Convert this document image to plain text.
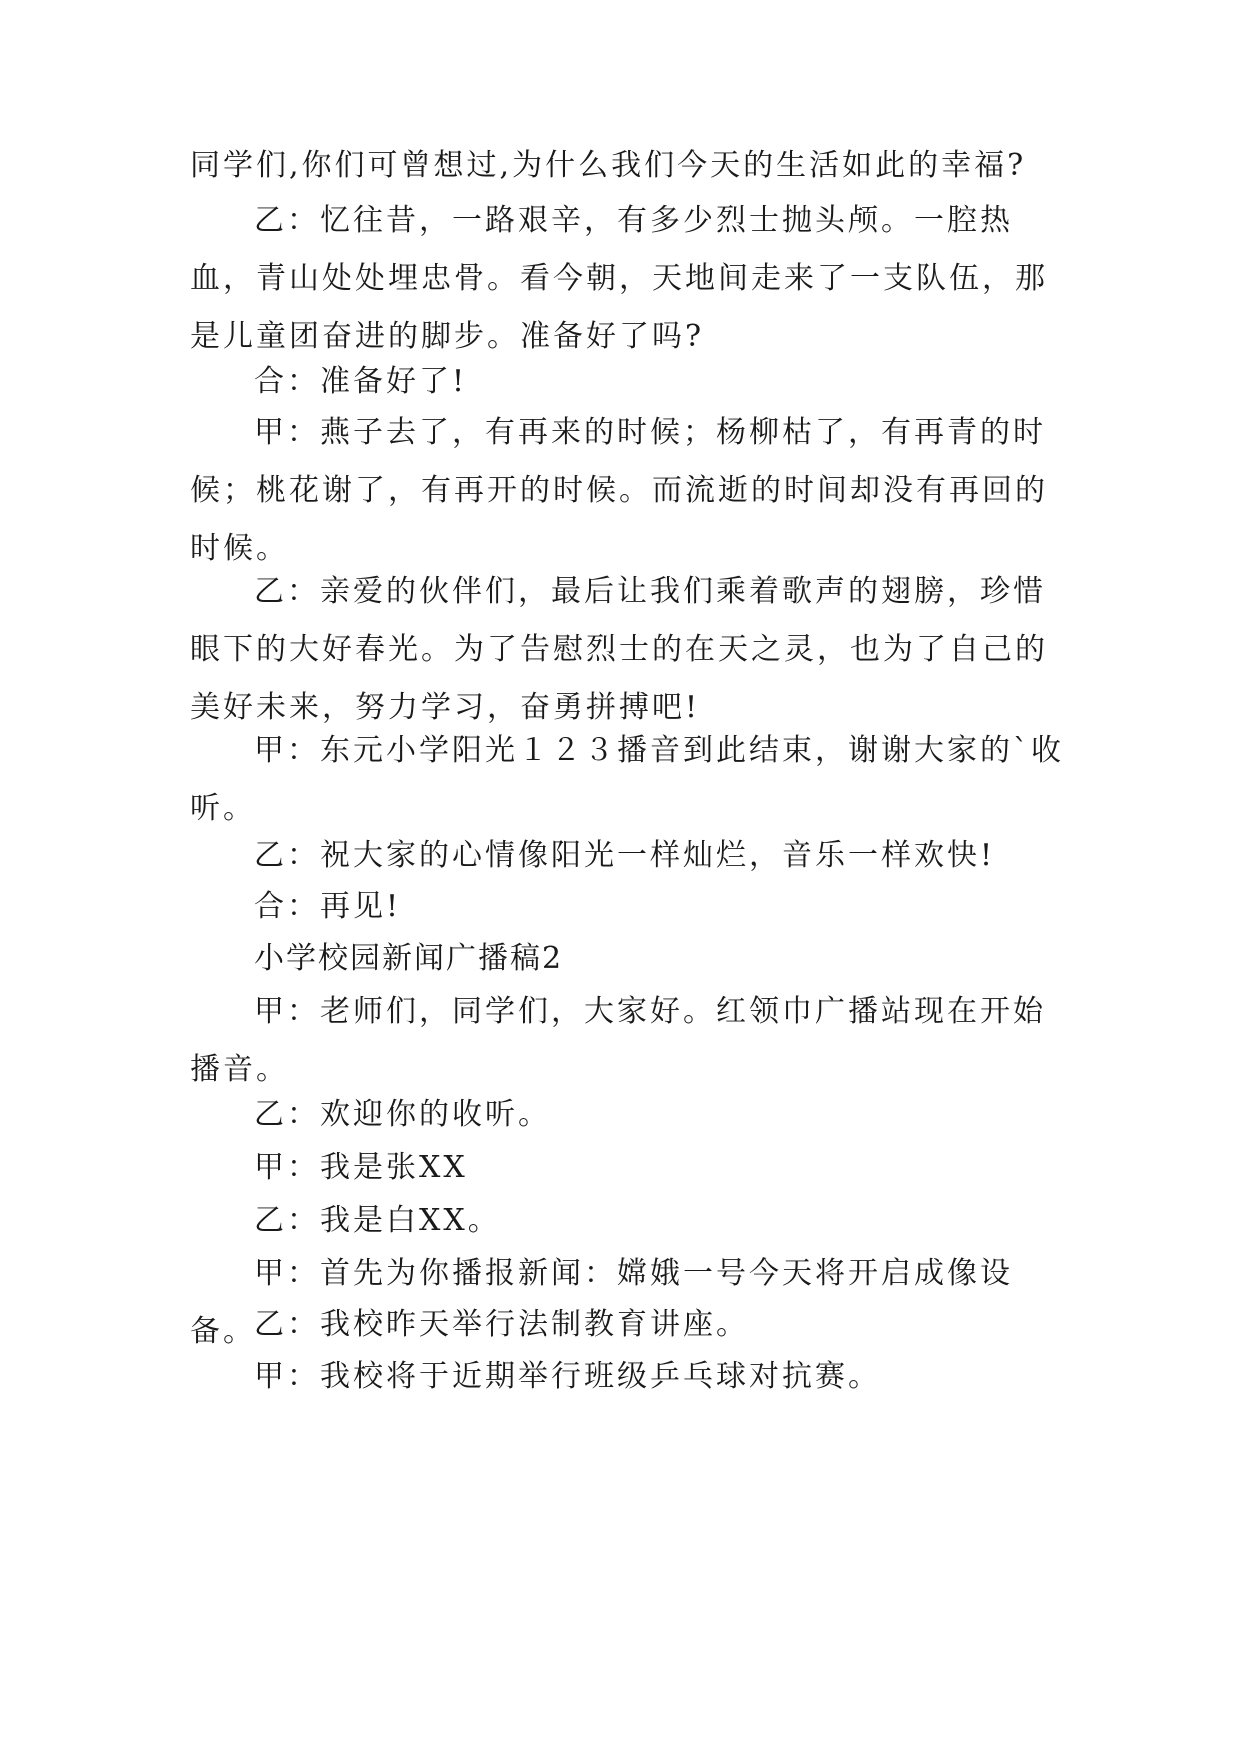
同学们,你们可曾想过,为什么我们今天的生活如此的幸福?

乙：忆往昔，一路艰辛，有多少烈士抛头颅。一腔热血，青山处处埋忠骨。看今朝，天地间走来了一支队伍，那是儿童团奋进的脚步。准备好了吗?

合：准备好了!

甲：燕子去了，有再来的时候；杨柳枯了，有再青的时候；桃花谢了，有再开的时候。而流逝的时间却没有再回的时候。

乙：亲爱的伙伴们，最后让我们乘着歌声的翅膀，珍惜眼下的大好春光。为了告慰烈士的在天之灵，也为了自己的美好未来，努力学习，奋勇拼搏吧!

甲：东元小学阳光１２３播音到此结束，谢谢大家的`收听。

乙：祝大家的心情像阳光一样灿烂，音乐一样欢快!

合：再见!

小学校园新闻广播稿2

甲：老师们，同学们，大家好。红领巾广播站现在开始播音。

乙：欢迎你的收听。

甲：我是张XX

乙：我是白XX。

甲：首先为你播报新闻：嫦娥一号今天将开启成像设备。

乙：我校昨天举行法制教育讲座。

甲：我校将于近期举行班级乒乓球对抗赛。
